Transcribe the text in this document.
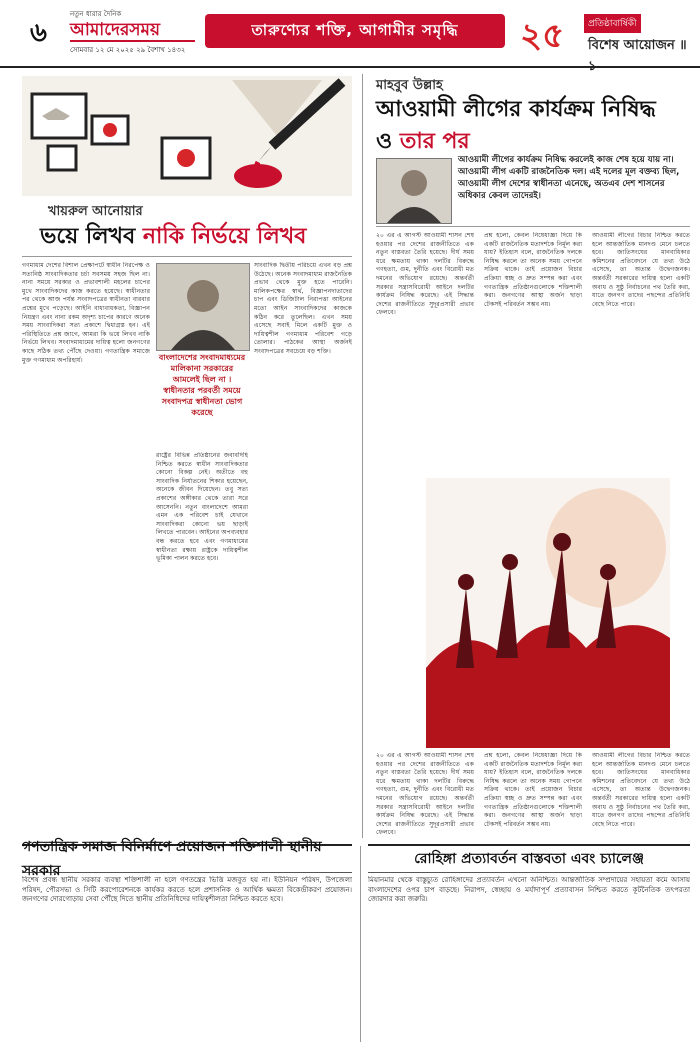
৬
নতুন ধারার দৈনিক
আমাদেরসময়
সোমবার ১২ মে ২০২৫ ২৯ বৈশাখ ১৪৩২
তারুণ্যের শক্তি, আগামীর সমৃদ্ধি ২৫	প্রতিষ্ঠাবার্ষিকী
বিশেষ আয়োজন ॥১
খায়রুল আনোয়ার
ভয়ে লিখব নাকি নির্ভয়ে লিখব
গণমাধ্যম দেশের বিশাল প্রেক্ষাপটে স্বাধীন নিরপেক্ষ ও সত্যনিষ্ঠ সাংবাদিকতার চর্চা সবসময় সহজ ছিল না। নানা সময়ে সরকার ও প্রভাবশালী মহলের চাপের মুখে সাংবাদিকদের কাজ করতে হয়েছে। স্বাধীনতার পর থেকে আজ পর্যন্ত সংবাদপত্রের স্বাধীনতা বারবার প্রশ্নের মুখে পড়েছে। আইনি বাধ্যবাধকতা, বিজ্ঞাপন নিয়ন্ত্রণ এবং নানা রকম অদৃশ্য চাপের কারণে অনেক সময় সাংবাদিকরা সত্য প্রকাশে দ্বিধাগ্রস্ত হন। এই পরিস্থিতিতে প্রশ্ন জাগে, আমরা কি ভয়ে লিখব নাকি নির্ভয়ে লিখব। সংবাদমাধ্যমের দায়িত্ব হলো জনগণের কাছে সঠিক তথ্য পৌঁছে দেওয়া। গণতান্ত্রিক সমাজে মুক্ত গণমাধ্যম অপরিহার্য।	বাংলাদেশের সংবাদমাধ্যমের মালিকানা সরকারের আমলেই ছিল না । স্বাধীনতার পরবর্তী সময়ে সংবাদপত্র স্বাধীনতা ভোগ করেছে
রাষ্ট্রের বিভিন্ন প্রতিষ্ঠানের জবাবদিহি নিশ্চিত করতে স্বাধীন সাংবাদিকতার কোনো বিকল্প নেই। অতীতে বহু সাংবাদিক নির্যাতনের শিকার হয়েছেন, অনেকে জীবন দিয়েছেন। তবু সত্য প্রকাশের অঙ্গীকার থেকে তারা সরে আসেননি। নতুন বাংলাদেশে আমরা এমন এক পরিবেশ চাই যেখানে সাংবাদিকরা কোনো ভয় ছাড়াই লিখতে পারবেন। আইনের অপব্যবহার বন্ধ করতে হবে এবং গণমাধ্যমের স্বাধীনতা রক্ষায় রাষ্ট্রকে দায়িত্বশীল ভূমিকা পালন করতে হবে।
সাংবাদিক দ্বিতীয় পরিচয়ে এখন বড় প্রশ্ন উঠেছে। অনেক সংবাদমাধ্যম রাজনৈতিক প্রভাব থেকে মুক্ত হতে পারেনি। মালিকপক্ষের স্বার্থ, বিজ্ঞাপনদাতাদের চাপ এবং ডিজিটাল নিরাপত্তা আইনের মতো আইন সাংবাদিকদের কাজকে কঠিন করে তুলেছিল। এখন সময় এসেছে সবাই মিলে একটি মুক্ত ও দায়িত্বশীল গণমাধ্যম পরিবেশ গড়ে তোলার। পাঠকের আস্থা অর্জনই সংবাদপত্রের সবচেয়ে বড় শক্তি।
মাহবুব উল্লাহ
আওয়ামী লীগের কার্যক্রম নিষিদ্ধ
ও তার পর
আওয়ামী লীগের কার্যক্রম নিষিদ্ধ করলেই কাজ শেষ হয়ে যায় না। আওয়ামী লীগ একটি রাজনৈতিক দল। এই দলের মূল বক্তব্য ছিল, আওয়ামী লীগ দেশের স্বাধীনতা এনেছে, অতএব দেশ শাসনের অধিকার কেবল তাদেরই।
২০ এর এ আগস্ট আওয়ামী শাসন শেষ হওয়ার পর দেশের রাজনীতিতে এক নতুন বাস্তবতা তৈরি হয়েছে। দীর্ঘ সময় ধরে ক্ষমতায় থাকা দলটির বিরুদ্ধে গণহত্যা, গুম, দুর্নীতি এবং বিরোধী মত দমনের অভিযোগ রয়েছে। অন্তর্বর্তী সরকার সন্ত্রাসবিরোধী আইনে দলটির কার্যক্রম নিষিদ্ধ করেছে। এই সিদ্ধান্ত দেশের রাজনীতিতে সুদূরপ্রসারী প্রভাব ফেলবে।
প্রশ্ন হলো, কেবল নিষেধাজ্ঞা দিয়ে কি একটি রাজনৈতিক মতাদর্শকে নির্মূল করা যায়? ইতিহাস বলে, রাজনৈতিক দলকে নিষিদ্ধ করলে তা অনেক সময় গোপনে সক্রিয় থাকে। তাই প্রয়োজন বিচার প্রক্রিয়া স্বচ্ছ ও দ্রুত সম্পন্ন করা এবং গণতান্ত্রিক প্রতিষ্ঠানগুলোকে শক্তিশালী করা। জনগণের আস্থা অর্জন ছাড়া টেকসই পরিবর্তন সম্ভব নয়।
আওয়ামী লীগের বিচার নিশ্চিত করতে হলে আন্তর্জাতিক মানদণ্ড মেনে চলতে হবে। জাতিসংঘের মানবাধিকার কমিশনের প্রতিবেদনে যে তথ্য উঠে এসেছে, তা অত্যন্ত উদ্বেগজনক। অন্তর্বর্তী সরকারের দায়িত্ব হলো একটি অবাধ ও সুষ্ঠু নির্বাচনের পথ তৈরি করা, যাতে জনগণ তাদের পছন্দের প্রতিনিধি বেছে নিতে পারে।
২০ এর এ আগস্ট আওয়ামী শাসন শেষ হওয়ার পর দেশের রাজনীতিতে এক নতুন বাস্তবতা তৈরি হয়েছে। দীর্ঘ সময় ধরে ক্ষমতায় থাকা দলটির বিরুদ্ধে গণহত্যা, গুম, দুর্নীতি এবং বিরোধী মত দমনের অভিযোগ রয়েছে। অন্তর্বর্তী সরকার সন্ত্রাসবিরোধী আইনে দলটির কার্যক্রম নিষিদ্ধ করেছে। এই সিদ্ধান্ত দেশের রাজনীতিতে সুদূরপ্রসারী প্রভাব ফেলবে।
প্রশ্ন হলো, কেবল নিষেধাজ্ঞা দিয়ে কি একটি রাজনৈতিক মতাদর্শকে নির্মূল করা যায়? ইতিহাস বলে, রাজনৈতিক দলকে নিষিদ্ধ করলে তা অনেক সময় গোপনে সক্রিয় থাকে। তাই প্রয়োজন বিচার প্রক্রিয়া স্বচ্ছ ও দ্রুত সম্পন্ন করা এবং গণতান্ত্রিক প্রতিষ্ঠানগুলোকে শক্তিশালী করা। জনগণের আস্থা অর্জন ছাড়া টেকসই পরিবর্তন সম্ভব নয়।
আওয়ামী লীগের বিচার নিশ্চিত করতে হলে আন্তর্জাতিক মানদণ্ড মেনে চলতে হবে। জাতিসংঘের মানবাধিকার কমিশনের প্রতিবেদনে যে তথ্য উঠে এসেছে, তা অত্যন্ত উদ্বেগজনক। অন্তর্বর্তী সরকারের দায়িত্ব হলো একটি অবাধ ও সুষ্ঠু নির্বাচনের পথ তৈরি করা, যাতে জনগণ তাদের পছন্দের প্রতিনিধি বেছে নিতে পারে।
গণতান্ত্রিক সমাজ বিনির্মাণে প্রয়োজন শক্তিশালী স্থানীয় সরকার
রোহিঙ্গা প্রত্যাবর্তন বাস্তবতা এবং চ্যালেঞ্জ
বিশেষ প্রবন্ধ স্থানীয় সরকার ব্যবস্থা শক্তিশালী না হলে গণতন্ত্রের ভিত্তি মজবুত হয় না। ইউনিয়ন পরিষদ, উপজেলা পরিষদ, পৌরসভা ও সিটি করপোরেশনকে কার্যকর করতে হলে প্রশাসনিক ও আর্থিক ক্ষমতা বিকেন্দ্রীকরণ প্রয়োজন। জনগণের দোরগোড়ায় সেবা পৌঁছে দিতে স্থানীয় প্রতিনিধিদের দায়িত্বশীলতা নিশ্চিত করতে হবে।
মিয়ানমার থেকে বাস্তুচ্যুত রোহিঙ্গাদের প্রত্যাবর্তন এখনো অনিশ্চিত। আন্তর্জাতিক সম্প্রদায়ের সহায়তা কমে আসায় বাংলাদেশের ওপর চাপ বাড়ছে। নিরাপদ, স্বেচ্ছায় ও মর্যাদাপূর্ণ প্রত্যাবাসন নিশ্চিত করতে কূটনৈতিক তৎপরতা জোরদার করা জরুরি।
